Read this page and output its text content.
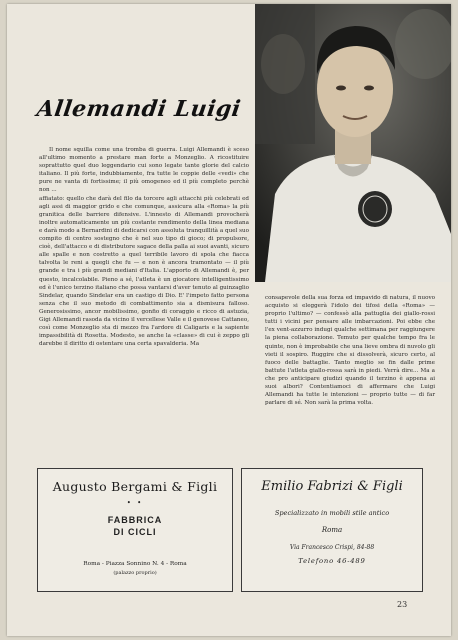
Allemandi Luigi

Il nome squilla come una tromba di guerra. Luigi Allemandi è sceso all'ultimo momento a prestare man forte a Monzeglio. A ricostituire soprattutto quel duo leggendario cui sono legate tante glorie del calcio italiano. Il più forte, indubbiamente, fra tutte le coppie delle «vedi» che pure ne vanta di fortissime; il più omogeneo ed il più completo perchè non ...

affiatato: quello che darà del filo da torcere agli attacchi più celebrati ed agli assi di maggior grido e che comunque, assicura alla «Roma» la più granitica delle barriere difensive. L'innesto di Allemandi provocherà inoltre automaticamente un più costante rendimento della linea mediana e darà modo a Bernardini di dedicarsi con assoluta tranquillità a quel suo compito di centro sostegno che è nel suo tipo di gioco; di propulsore, cioè, dell'attacco e di distributore sagace della palla ai suoi avanti, sicuro alle spalle e non costretto a quel terribile lavoro di spola che fiacca talvolta le reni a quegli che fu — e non è ancora tramontato — il più grande e tra i più grandi mediani d'Italia. L'apporto di Allemandi è, per questo, incalcolabile. Pieno a sé, l'atleta è un giocatore intelligentissimo ed è l'unico terzino italiano che possa vantarsi d'aver tenuto al guinzaglio Sindelar, quando Sindelar era un castigo di Dio. E' l'impeto fatto persona senza che il suo metodo di combattimento sia a dismisura falloso. Generosissimo, ancor mobilissimo, gonfio di coraggio e ricco di astuzia, Gigi Allemandi rasoda da vicino il vercellese Valle e il genovese Cattaneo, così come Monzeglio sta di mezzo fra l'ardore di Caligaris e la sapiente impassibilità di Rosetta. Modesto, se anche la «classe» di cui è zeppo gli darebbe il diritto di ostentare una certa spavalderia. Ma

consapevole della sua forza ed impavido di natura, il nuovo acquisto si eleggerà l'idolo dei tifosi della «Roma» — proprio l'ultimo? — confessò alla pattuglia dei giallo-rossi tutti i vicini per pensare alle imbarcazioni. Poi ebbe che l'ex vent-azzurro indugi qualche settimana per raggiungere la piena collaborazione. Temuto per qualche tempo fra le quinte, non è improbabile che una lieve ombra di nuvolo gli vieti il sospiro. Ruggire che si dissolverà, sicuro certo, al fuoco delle battaglie. Tanto meglio se fin dalle prime battute l'atleta giallo-rossa sarà in piedi. Verrà dire... Ma a che pro anticipare giudizi quando il terzino è appena ai suoi albori? Contentiamoci di affermare che Luigi Allemandi ha tutte le intenzioni — proprio tutte — di far parlare di sé. Non sarà la prima volta.

Augusto Bergami & Figli
• •
FABBRICA
DI CICLI
Roma - Piazza Sonnino N. 4 - Roma
(palazzo proprio)
Emilio Fabrizi & Figli
Specializzato in mobili stile antico
Roma
Via Francesco Crispi, 84-88
Telefono 46-489
23
